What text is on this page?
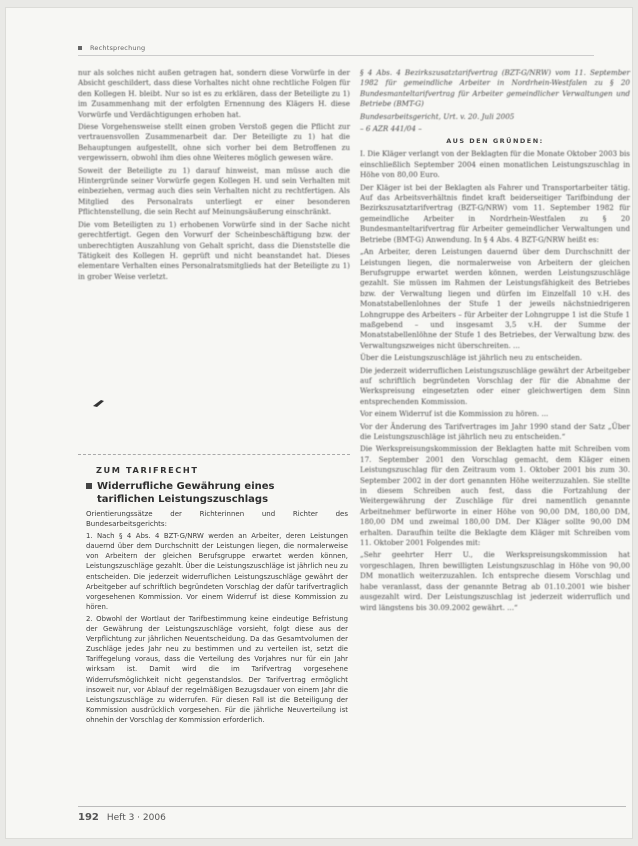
Rechtsprechung

nur als solches nicht außen getragen hat, sondern diese Vorwürfe in der Absicht geschildert, dass diese Vorhaltes nicht ohne rechtliche Folgen für den Kollegen H. bleibt. Nur so ist es zu erklären, dass der Beteiligte zu 1) im Zusammenhang mit der erfolgten Ernennung des Klägers H. diese Vorwürfe und Verdächtigungen erhoben hat.

Diese Vorgehensweise stellt einen groben Verstoß gegen die Pflicht zur vertrauensvollen Zusammenarbeit dar. Der Beteiligte zu 1) hat die Behauptungen aufgestellt, ohne sich vorher bei dem Betroffenen zu vergewissern, obwohl ihm dies ohne Weiteres möglich gewesen wäre.

Soweit der Beteiligte zu 1) darauf hinweist, man müsse auch die Hintergründe seiner Vorwürfe gegen Kollegen H. und sein Verhalten mit einbeziehen, vermag auch dies sein Verhalten nicht zu rechtfertigen. Als Mitglied des Personalrats unterliegt er einer besonderen Pflichtenstellung, die sein Recht auf Meinungsäußerung einschränkt.

Die vom Beteiligten zu 1) erhobenen Vorwürfe sind in der Sache nicht gerechtfertigt. Gegen den Vorwurf der Scheinbeschäftigung bzw. der unberechtigten Auszahlung von Gehalt spricht, dass die Dienststelle die Tätigkeit des Kollegen H. geprüft und nicht beanstandet hat. Dieses elementare Verhalten eines Personalratsmitglieds hat der Beteiligte zu 1) in grober Weise verletzt.

ZUM TARIFRECHT
Widerrufliche Gewährung eines
tariflichen Leistungszuschlags

Orientierungssätze der Richterinnen und Richter des Bundesarbeitsgerichts:

1. Nach § 4 Abs. 4 BZT-G/NRW werden an Arbeiter, deren Leistungen dauernd über dem Durchschnitt der Leistungen liegen, die normalerweise von Arbeitern der gleichen Berufsgruppe erwartet werden können, Leistungszuschläge gezahlt. Über die Leistungszuschläge ist jährlich neu zu entscheiden. Die jederzeit widerruflichen Leistungszuschläge gewährt der Arbeitgeber auf schriftlich begründeten Vorschlag der dafür tarifvertraglich vorgesehenen Kommission. Vor einem Widerruf ist diese Kommission zu hören.

2. Obwohl der Wortlaut der Tarifbestimmung keine eindeutige Befristung der Gewährung der Leistungszuschläge vorsieht, folgt diese aus der Verpflichtung zur jährlichen Neuentscheidung. Da das Gesamtvolumen der Zuschläge jedes Jahr neu zu bestimmen und zu verteilen ist, setzt die Tariffegelung voraus, dass die Verteilung des Vorjahres nur für ein Jahr wirksam ist. Damit wird die im Tarifvertrag vorgesehene Widerrufsmöglichkeit nicht gegenstandslos. Der Tarifvertrag ermöglicht insoweit nur, vor Ablauf der regelmäßigen Bezugsdauer von einem Jahr die Leistungszuschläge zu widerrufen. Für diesen Fall ist die Beteiligung der Kommission ausdrücklich vorgesehen. Für die jährliche Neuverteilung ist ohnehin der Vorschlag der Kommission erforderlich.

§ 4 Abs. 4 Bezirkszusatztarifvertrag (BZT-G/NRW) vom 11. September 1982 für gemeindliche Arbeiter in Nordrhein-Westfalen zu § 20 Bundesmanteltarifvertrag für Arbeiter gemeindlicher Verwaltungen und Betriebe (BMT-G)

Bundesarbeitsgericht, Urt. v. 20. Juli 2005

– 6 AZR 441/04 –

AUS DEN GRÜNDEN:

I. Die Kläger verlangt von der Beklagten für die Monate Oktober 2003 bis einschließlich September 2004 einen monatlichen Leistungszuschlag in Höhe von 80,00 Euro.

Der Kläger ist bei der Beklagten als Fahrer und Transportarbeiter tätig. Auf das Arbeitsverhältnis findet kraft beiderseitiger Tarifbindung der Bezirkszusatztarifvertrag (BZT-G/NRW) vom 11. September 1982 für gemeindliche Arbeiter in Nordrhein-Westfalen zu § 20 Bundesmanteltarifvertrag für Arbeiter gemeindlicher Verwaltungen und Betriebe (BMT-G) Anwendung. In § 4 Abs. 4 BZT-G/NRW heißt es:

„An Arbeiter, deren Leistungen dauernd über dem Durchschnitt der Leistungen liegen, die normalerweise von Arbeitern der gleichen Berufsgruppe erwartet werden können, werden Leistungszuschläge gezahlt. Sie müssen im Rahmen der Leistungsfähigkeit des Betriebes bzw. der Verwaltung liegen und dürfen im Einzelfall 10 v.H. des Monatstabellenlohnes der Stufe 1 der jeweils nächstniedrigeren Lohngruppe des Arbeiters – für Arbeiter der Lohngruppe 1 ist die Stufe 1 maßgebend – und insgesamt 3,5 v.H. der Summe der Monatstabellenlöhne der Stufe 1 des Betriebes, der Verwaltung bzw. des Verwaltungszweiges nicht überschreiten. ...

Über die Leistungszuschläge ist jährlich neu zu entscheiden.

Die jederzeit widerruflichen Leistungszuschläge gewährt der Arbeitgeber auf schriftlich begründeten Vorschlag der für die Abnahme der Werkspreisung eingesetzten oder einer gleichwertigen dem Sinn entsprechenden Kommission.

Vor einem Widerruf ist die Kommission zu hören. ...

Vor der Änderung des Tarifvertrages im Jahr 1990 stand der Satz „Über die Leistungszuschläge ist jährlich neu zu entscheiden.“

Die Werkspreisungskommission der Beklagten hatte mit Schreiben vom 17. September 2001 den Vorschlag gemacht, dem Kläger einen Leistungszuschlag für den Zeitraum vom 1. Oktober 2001 bis zum 30. September 2002 in der dort genannten Höhe weiterzuzahlen. Sie stellte in diesem Schreiben auch fest, dass die Fortzahlung der Weitergewährung der Zuschläge für drei namentlich genannte Arbeitnehmer befürworte in einer Höhe von 90,00 DM, 180,00 DM, 180,00 DM und zweimal 180,00 DM. Der Kläger sollte 90,00 DM erhalten. Daraufhin teilte die Beklagte dem Kläger mit Schreiben vom 11. Oktober 2001 Folgendes mit:

„Sehr geehrter Herr U., die Werkspreisungskommission hat vorgeschlagen, Ihren bewilligten Leistungszuschlag in Höhe von 90,00 DM monatlich weiterzuzahlen. Ich entspreche diesem Vorschlag und habe veranlasst, dass der genannte Betrag ab 01.10.2001 wie bisher ausgezahlt wird. Der Leistungszuschlag ist jederzeit widerruflich und wird längstens bis 30.09.2002 gewährt. ...“

192 Heft 3 · 2006
